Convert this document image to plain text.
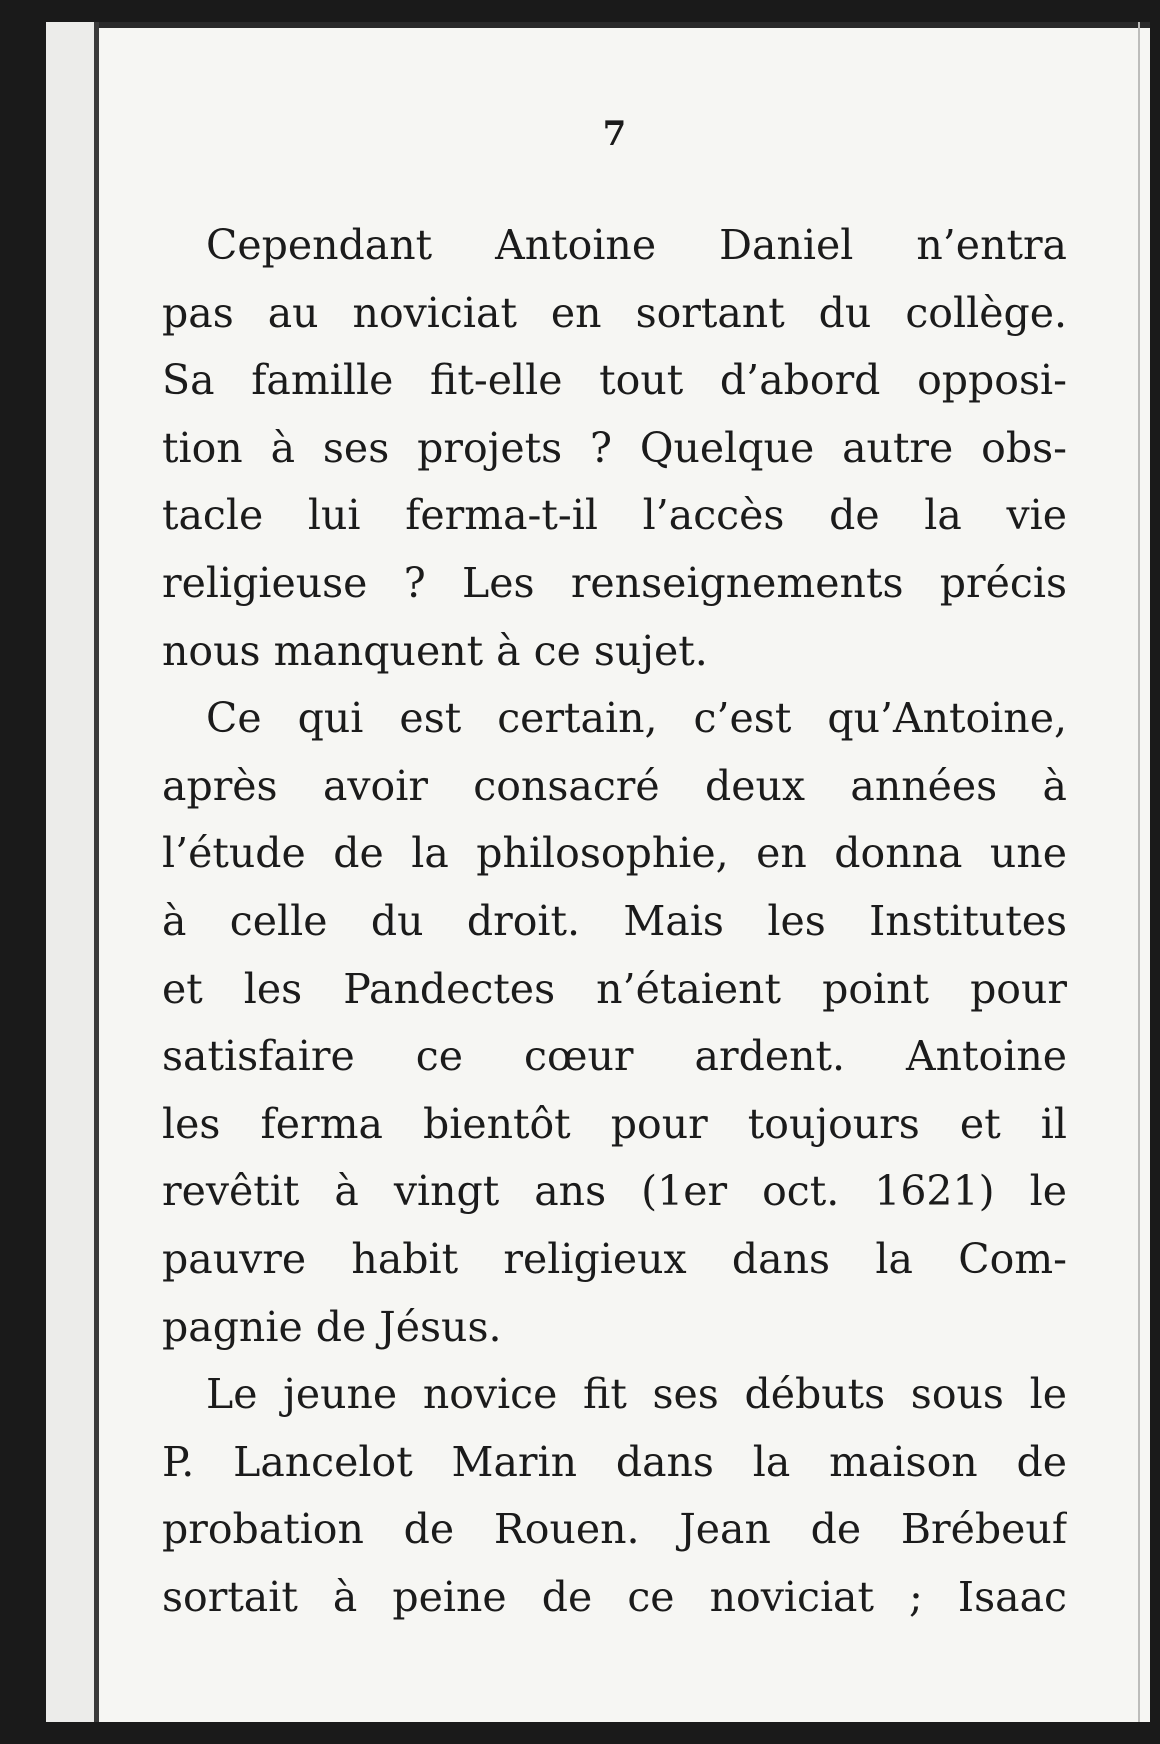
7
Cependant Antoine Daniel n’entra
pas au noviciat en sortant du collège.
Sa famille fit-elle tout d’abord opposi-
tion à ses projets ? Quelque autre obs-
tacle lui ferma-t-il l’accès de la vie
religieuse ? Les renseignements précis
nous manquent à ce sujet.
Ce qui est certain, c’est qu’Antoine,
après avoir consacré deux années à
l’étude de la philosophie, en donna une
à celle du droit. Mais les Institutes
et les Pandectes n’étaient point pour
satisfaire ce cœur ardent. Antoine
les ferma bientôt pour toujours et il
revêtit à vingt ans (1er oct. 1621) le
pauvre habit religieux dans la Com-
pagnie de Jésus.
Le jeune novice fit ses débuts sous le
P. Lancelot Marin dans la maison de
probation de Rouen. Jean de Brébeuf
sortait à peine de ce noviciat ; Isaac
